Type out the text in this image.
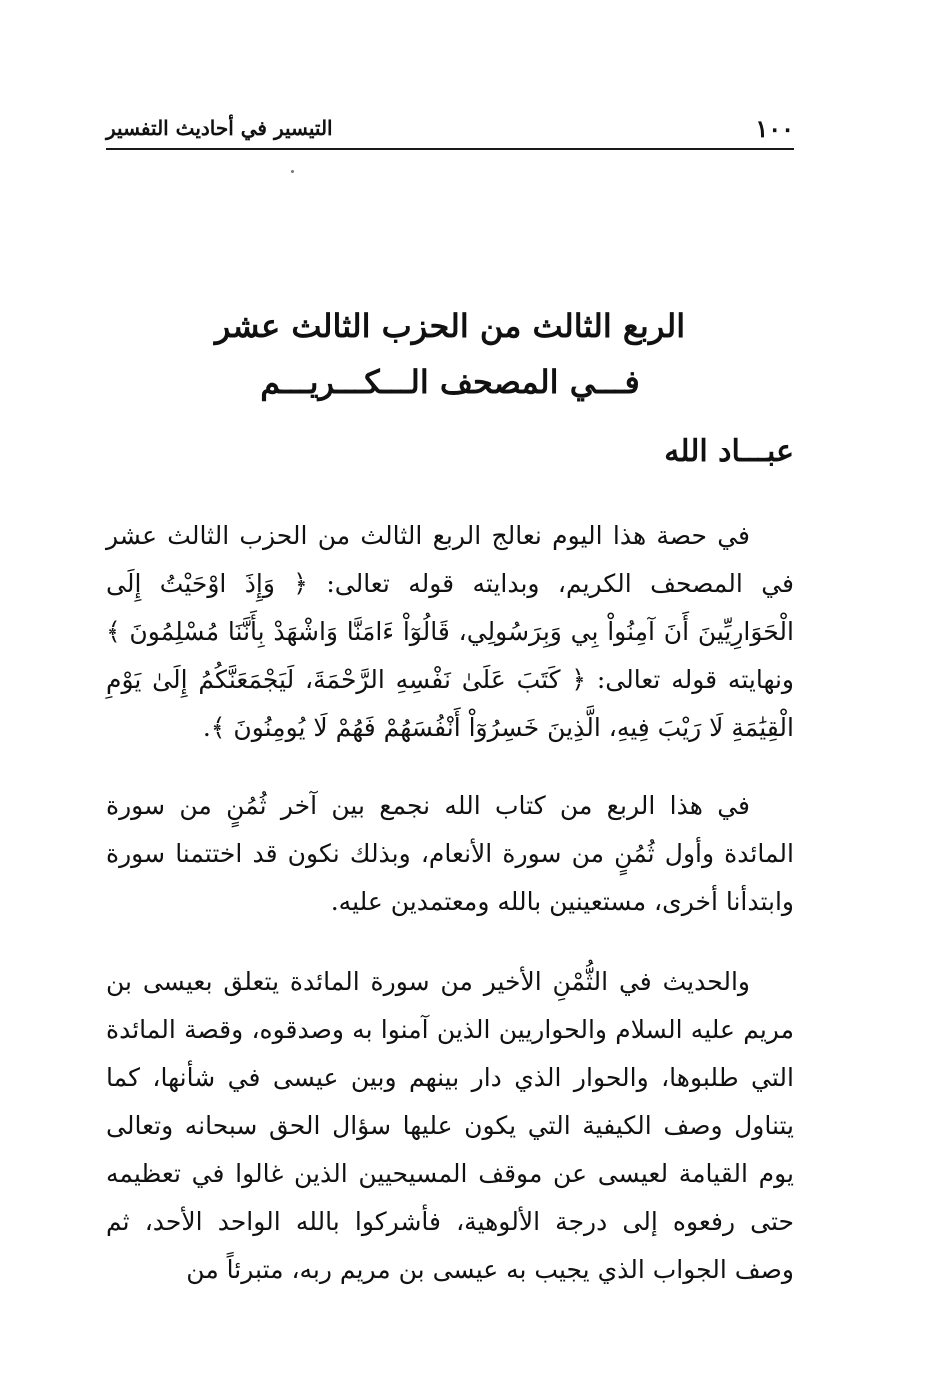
١٠٠
التيسير في أحاديث التفسير
الربع الثالث من الحزب الثالث عشر
فـــي المصحف الـــكـــريـــم
عبـــاد الله

في حصة هذا اليوم نعالج الربع الثالث من الحزب الثالث عشر في المصحف الكريم، وبدايته قوله تعالى: ﴿ وَإِذَ اوْحَيْتُ إِلَى الْحَوَارِيِّينَ أَنَ آمِنُواْ بِي وَبِرَسُولِي، قَالُوٓاْ ءَامَنَّا وَاشْهَدْ بِأَنَّنَا مُسْلِمُونَ ﴾ ونهايته قوله تعالى: ﴿ كَتَبَ عَلَىٰ نَفْسِهِ الرَّحْمَةَ، لَيَجْمَعَنَّكُمُ إِلَىٰ يَوْمِ الْقِيَٰمَةِ لَا رَيْبَ فِيهِ، الَّذِينَ خَسِرُوٓاْ أَنْفُسَهُمْ فَهُمْ لَا يُومِنُونَ ﴾.

في هذا الربع من كتاب الله نجمع بين آخر ثُمُنٍ من سورة المائدة وأول ثُمُنٍ من سورة الأنعام، وبذلك نكون قد اختتمنا سورة وابتدأنا أخرى، مستعينين بالله ومعتمدين عليه.

والحديث في الثُّمْنِ الأخير من سورة المائدة يتعلق بعيسى بن مريم عليه السلام والحواريين الذين آمنوا به وصدقوه، وقصة المائدة التي طلبوها، والحوار الذي دار بينهم وبين عيسى في شأنها، كما يتناول وصف الكيفية التي يكون عليها سؤال الحق سبحانه وتعالى يوم القيامة لعيسى عن موقف المسيحيين الذين غالوا في تعظيمه حتى رفعوه إلى درجة الألوهية، فأشركوا بالله الواحد الأحد، ثم وصف الجواب الذي يجيب به عيسى بن مريم ربه، متبرئاً من
